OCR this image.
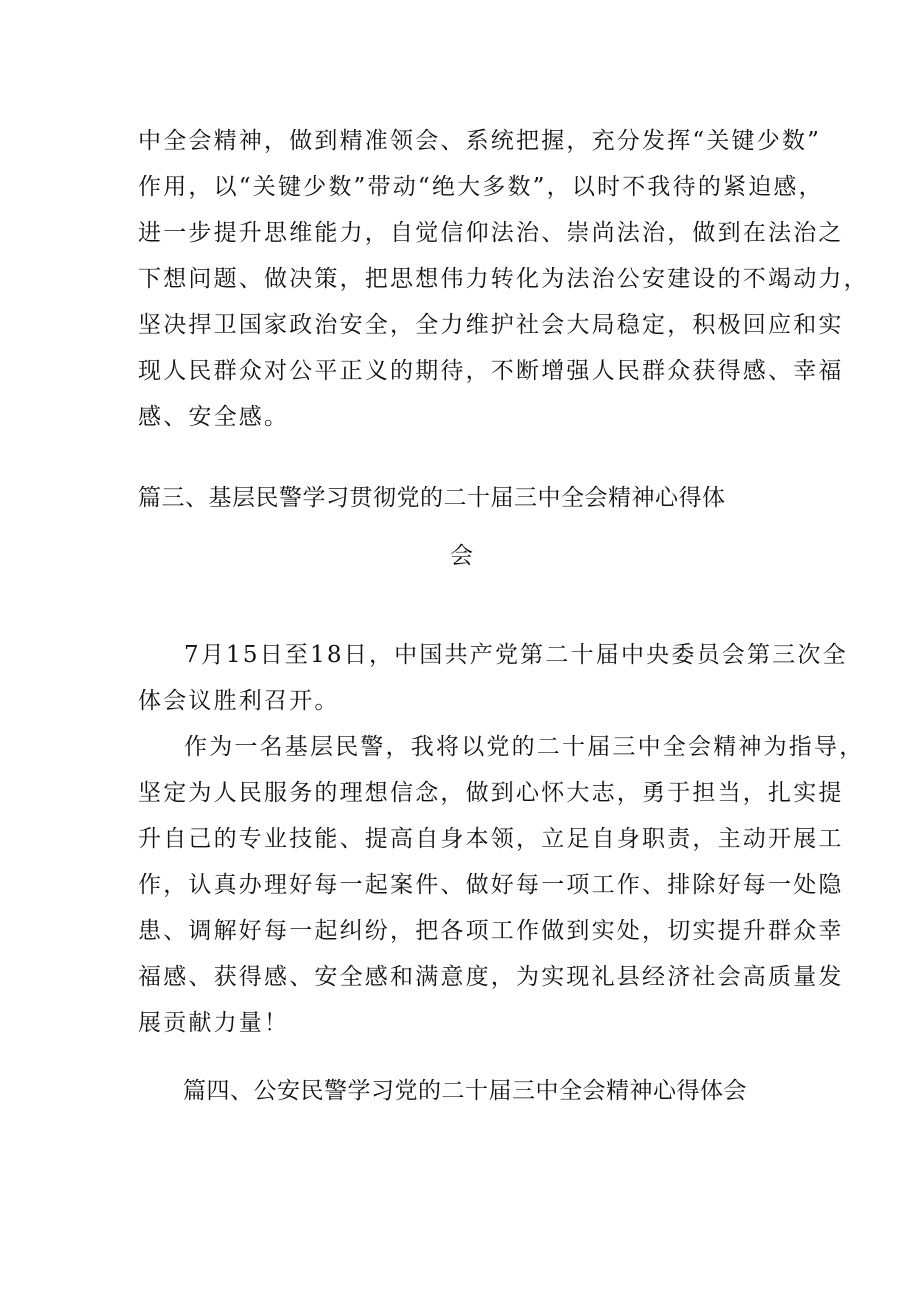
中全会精神，做到精准领会、系统把握，充分发挥“关键少数”
作用，以“关键少数”带动“绝大多数”，以时不我待的紧迫感，
进一步提升思维能力，自觉信仰法治、崇尚法治，做到在法治之
下想问题、做决策，把思想伟力转化为法治公安建设的不竭动力，
坚决捍卫国家政治安全，全力维护社会大局稳定，积极回应和实
现人民群众对公平正义的期待，不断增强人民群众获得感、幸福
感、安全感。
篇三、基层民警学习贯彻党的二十届三中全会精神心得体
会
7月15日至18日，中国共产党第二十届中央委员会第三次全
体会议胜利召开。
作为一名基层民警，我将以党的二十届三中全会精神为指导，
坚定为人民服务的理想信念，做到心怀大志，勇于担当，扎实提
升自己的专业技能、提高自身本领，立足自身职责，主动开展工
作，认真办理好每一起案件、做好每一项工作、排除好每一处隐
患、调解好每一起纠纷，把各项工作做到实处，切实提升群众幸
福感、获得感、安全感和满意度，为实现礼县经济社会高质量发
展贡献力量！
篇四、公安民警学习党的二十届三中全会精神心得体会
